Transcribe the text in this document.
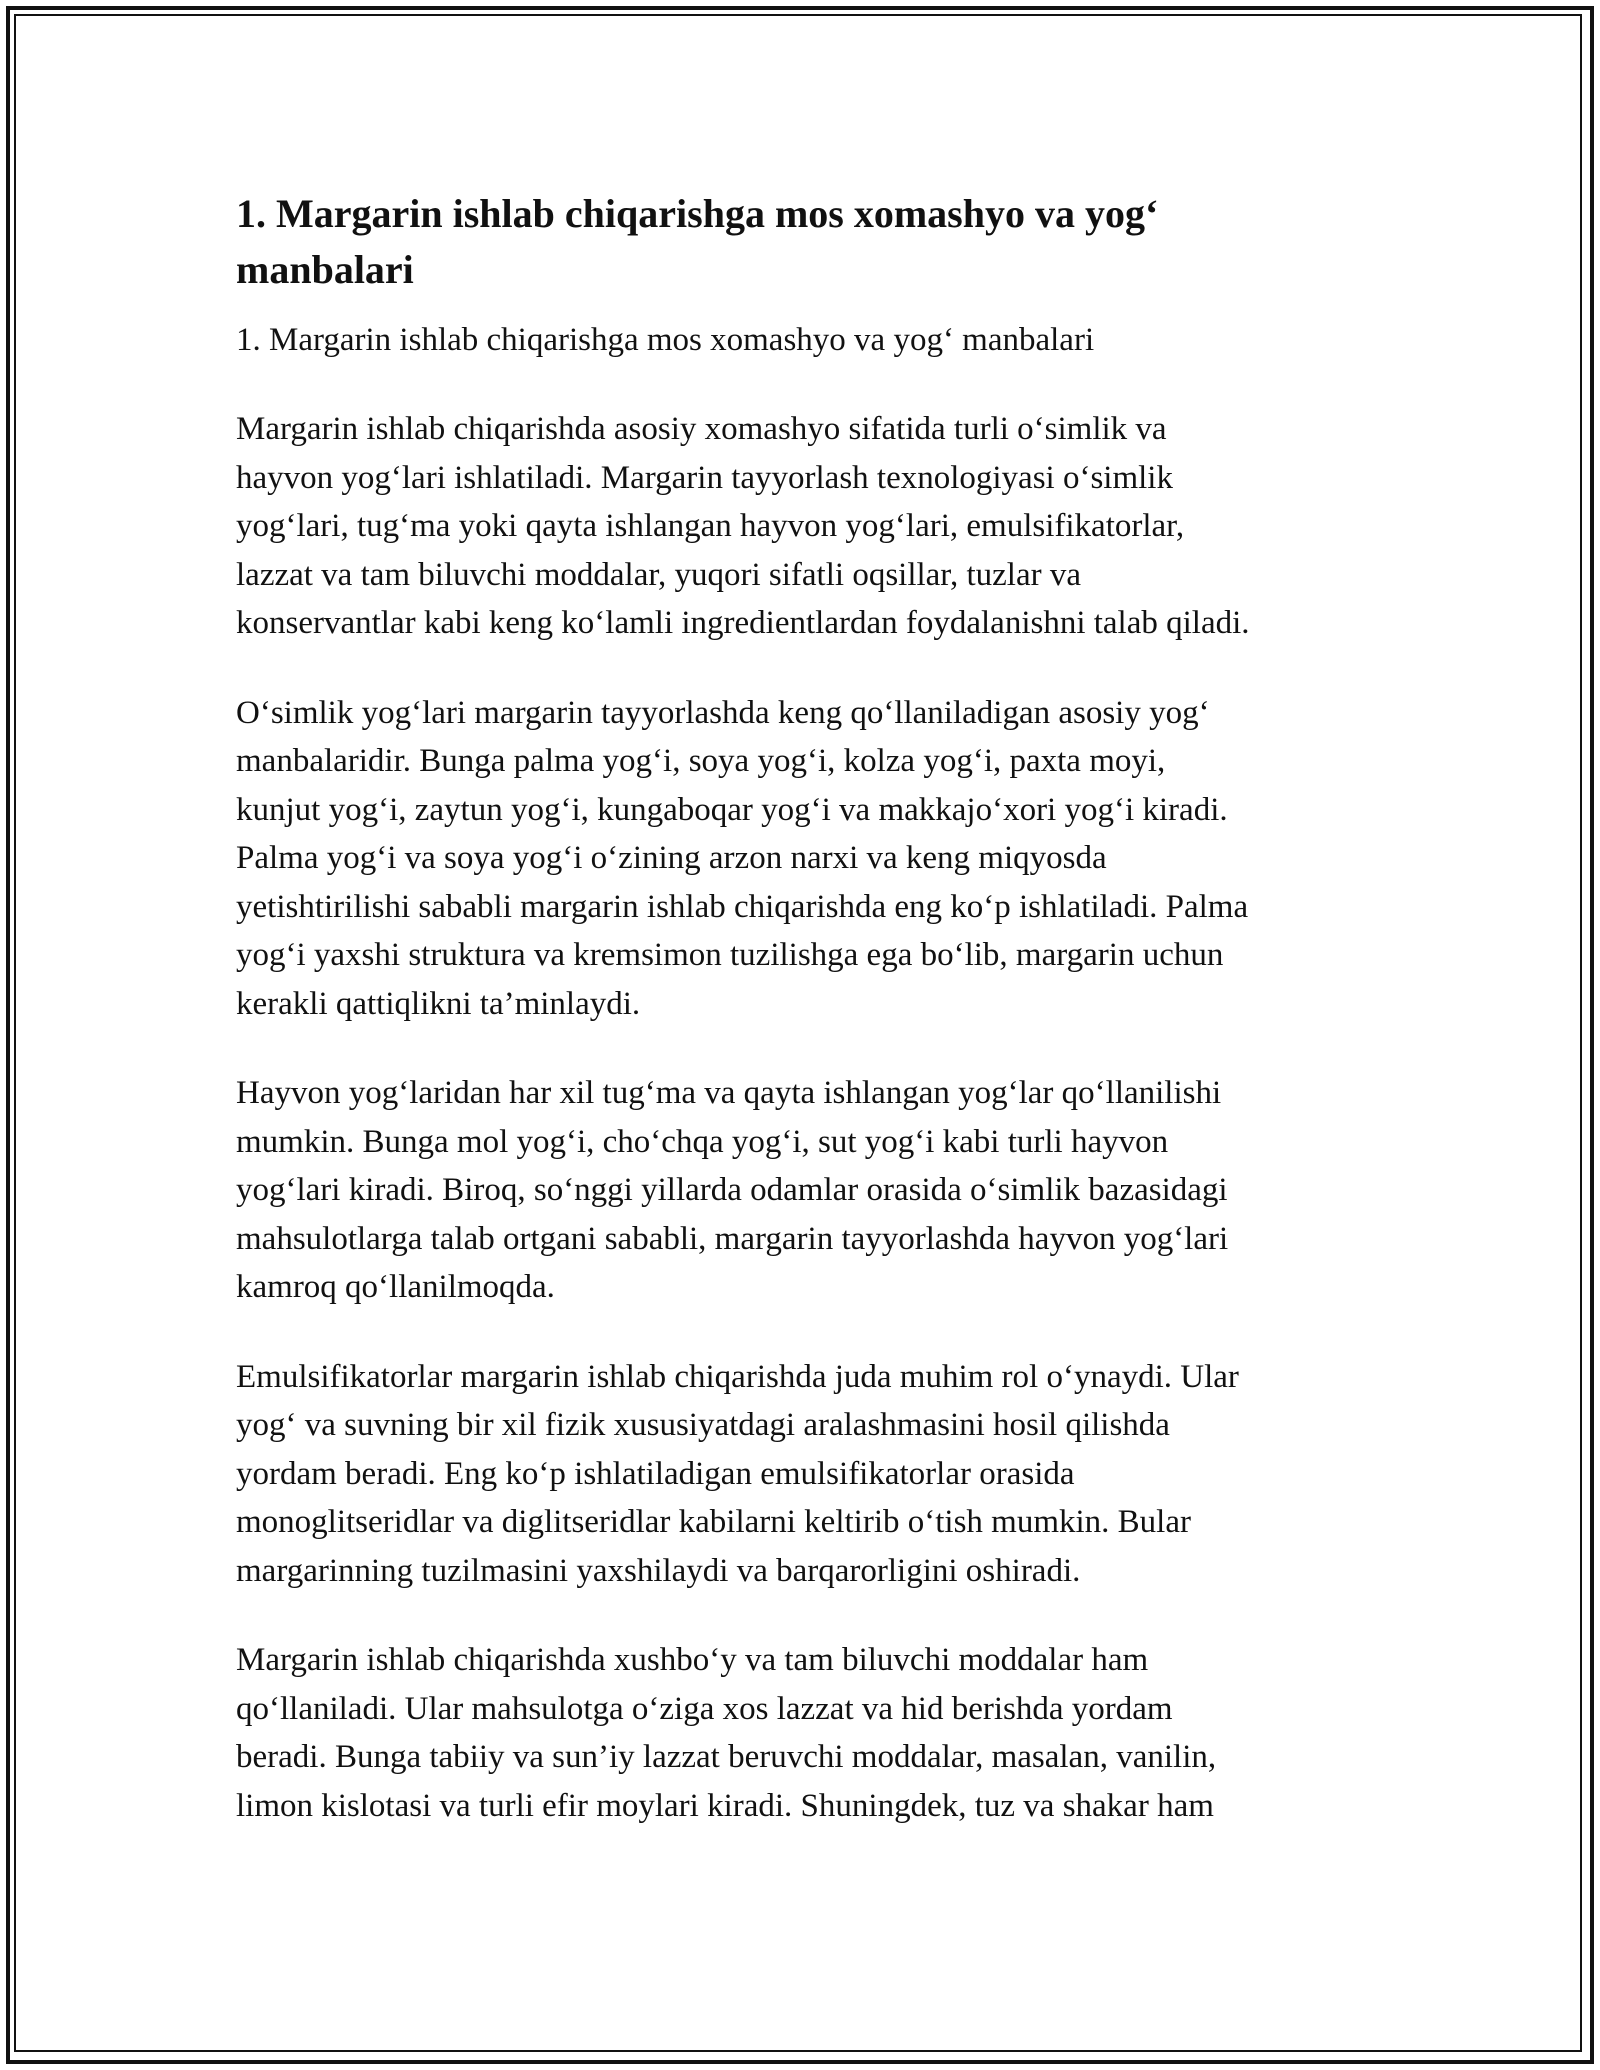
1. Margarin ishlab chiqarishga mos xomashyo va yog‘
manbalari

1. Margarin ishlab chiqarishga mos xomashyo va yog‘ manbalari

Margarin ishlab chiqarishda asosiy xomashyo sifatida turli o‘simlik va
hayvon yog‘lari ishlatiladi. Margarin tayyorlash texnologiyasi o‘simlik
yog‘lari, tug‘ma yoki qayta ishlangan hayvon yog‘lari, emulsifikatorlar,
lazzat va tam biluvchi moddalar, yuqori sifatli oqsillar, tuzlar va
konservantlar kabi keng ko‘lamli ingredientlardan foydalanishni talab qiladi.

O‘simlik yog‘lari margarin tayyorlashda keng qo‘llaniladigan asosiy yog‘
manbalaridir. Bunga palma yog‘i, soya yog‘i, kolza yog‘i, paxta moyi,
kunjut yog‘i, zaytun yog‘i, kungaboqar yog‘i va makkajo‘xori yog‘i kiradi.
Palma yog‘i va soya yog‘i o‘zining arzon narxi va keng miqyosda
yetishtirilishi sababli margarin ishlab chiqarishda eng ko‘p ishlatiladi. Palma
yog‘i yaxshi struktura va kremsimon tuzilishga ega bo‘lib, margarin uchun
kerakli qattiqlikni ta’minlaydi.

Hayvon yog‘laridan har xil tug‘ma va qayta ishlangan yog‘lar qo‘llanilishi
mumkin. Bunga mol yog‘i, cho‘chqa yog‘i, sut yog‘i kabi turli hayvon
yog‘lari kiradi. Biroq, so‘nggi yillarda odamlar orasida o‘simlik bazasidagi
mahsulotlarga talab ortgani sababli, margarin tayyorlashda hayvon yog‘lari
kamroq qo‘llanilmoqda.

Emulsifikatorlar margarin ishlab chiqarishda juda muhim rol o‘ynaydi. Ular
yog‘ va suvning bir xil fizik xususiyatdagi aralashmasini hosil qilishda
yordam beradi. Eng ko‘p ishlatiladigan emulsifikatorlar orasida
monoglitseridlar va diglitseridlar kabilarni keltirib o‘tish mumkin. Bular
margarinning tuzilmasini yaxshilaydi va barqarorligini oshiradi.

Margarin ishlab chiqarishda xushbo‘y va tam biluvchi moddalar ham
qo‘llaniladi. Ular mahsulotga o‘ziga xos lazzat va hid berishda yordam
beradi. Bunga tabiiy va sun’iy lazzat beruvchi moddalar, masalan, vanilin,
limon kislotasi va turli efir moylari kiradi. Shuningdek, tuz va shakar ham
